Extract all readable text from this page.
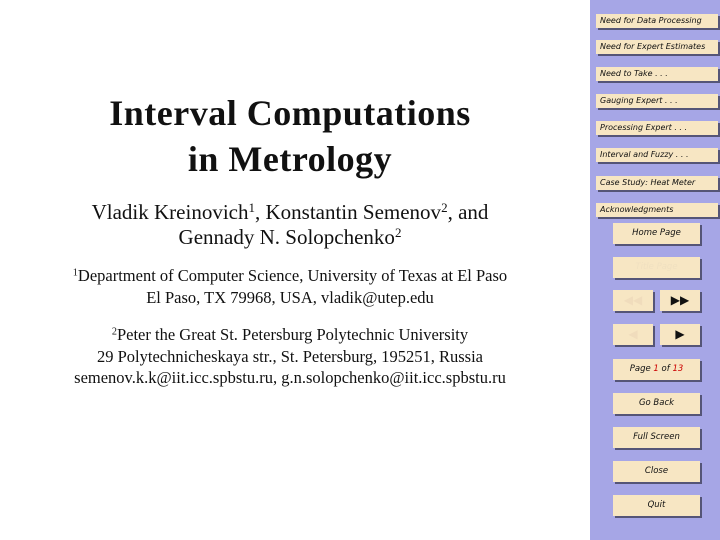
Interval Computations
in Metrology
Vladik Kreinovich$^1$, Konstantin Semenov$^2$, and
Gennady N. Solopchenko$^2$
$^1$Department of Computer Science, University of Texas at El Paso
El Paso, TX 79968, USA, vladik@utep.edu
$^2$Peter the Great St. Petersburg Polytechnic University
29 Polytechnicheskaya str., St. Petersburg, 195251, Russia
semenov.k.k@iit.icc.spbstu.ru, g.n.solopchenko@iit.icc.spbstu.ru
Need for Data Processing
Need for Expert Estimates
Need to Take . . .
Gauging Expert . . .
Processing Expert . . .
Interval and Fuzzy . . .
Case Study: Heat Meter
Acknowledgments
Home Page
Title Page
◀◀	▶▶
◀	▶
Page 1 of 13
Go Back
Full Screen
Close
Quit
